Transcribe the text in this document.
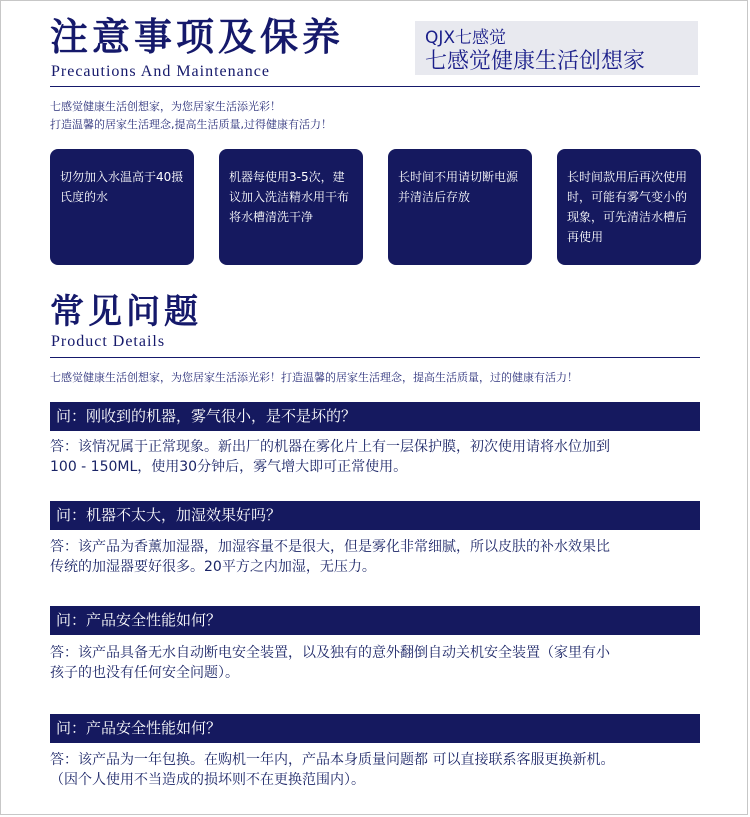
注意事项及保养
Precautions And Maintenance
QJX七感觉
七感觉健康生活创想家
七感觉健康生活创想家，为您居家生活添光彩！
打造温馨的居家生活理念,提高生活质量,过得健康有活力！
切勿加入水温高于40摄氏度的水
机器每使用3-5次，建议加入洗洁精水用干布将水槽清洗干净
长时间不用请切断电源并清洁后存放
长时间款用后再次使用时，可能有雾气变小的现象，可先清洁水槽后再使用
常见问题
Product Details
七感觉健康生活创想家，为您居家生活添光彩！打造温馨的居家生活理念，提高生活质量，过的健康有活力！
问：刚收到的机器，雾气很小，是不是坏的？
答：该情况属于正常现象。新出厂的机器在雾化片上有一层保护膜，初次使用请将水位加到
100 - 150ML，使用30分钟后，雾气增大即可正常使用。
问：机器不太大，加湿效果好吗？
答：该产品为香薰加湿器，加湿容量不是很大，但是雾化非常细腻，所以皮肤的补水效果比
传统的加湿器要好很多。20平方之内加湿，无压力。
问：产品安全性能如何？
答：该产品具备无水自动断电安全装置，以及独有的意外翻倒自动关机安全装置（家里有小
孩子的也没有任何安全问题）。
问：产品安全性能如何？
答：该产品为一年包换。在购机一年内，产品本身质量问题都 可以直接联系客服更换新机。
（因个人使用不当造成的损坏则不在更换范围内）。
